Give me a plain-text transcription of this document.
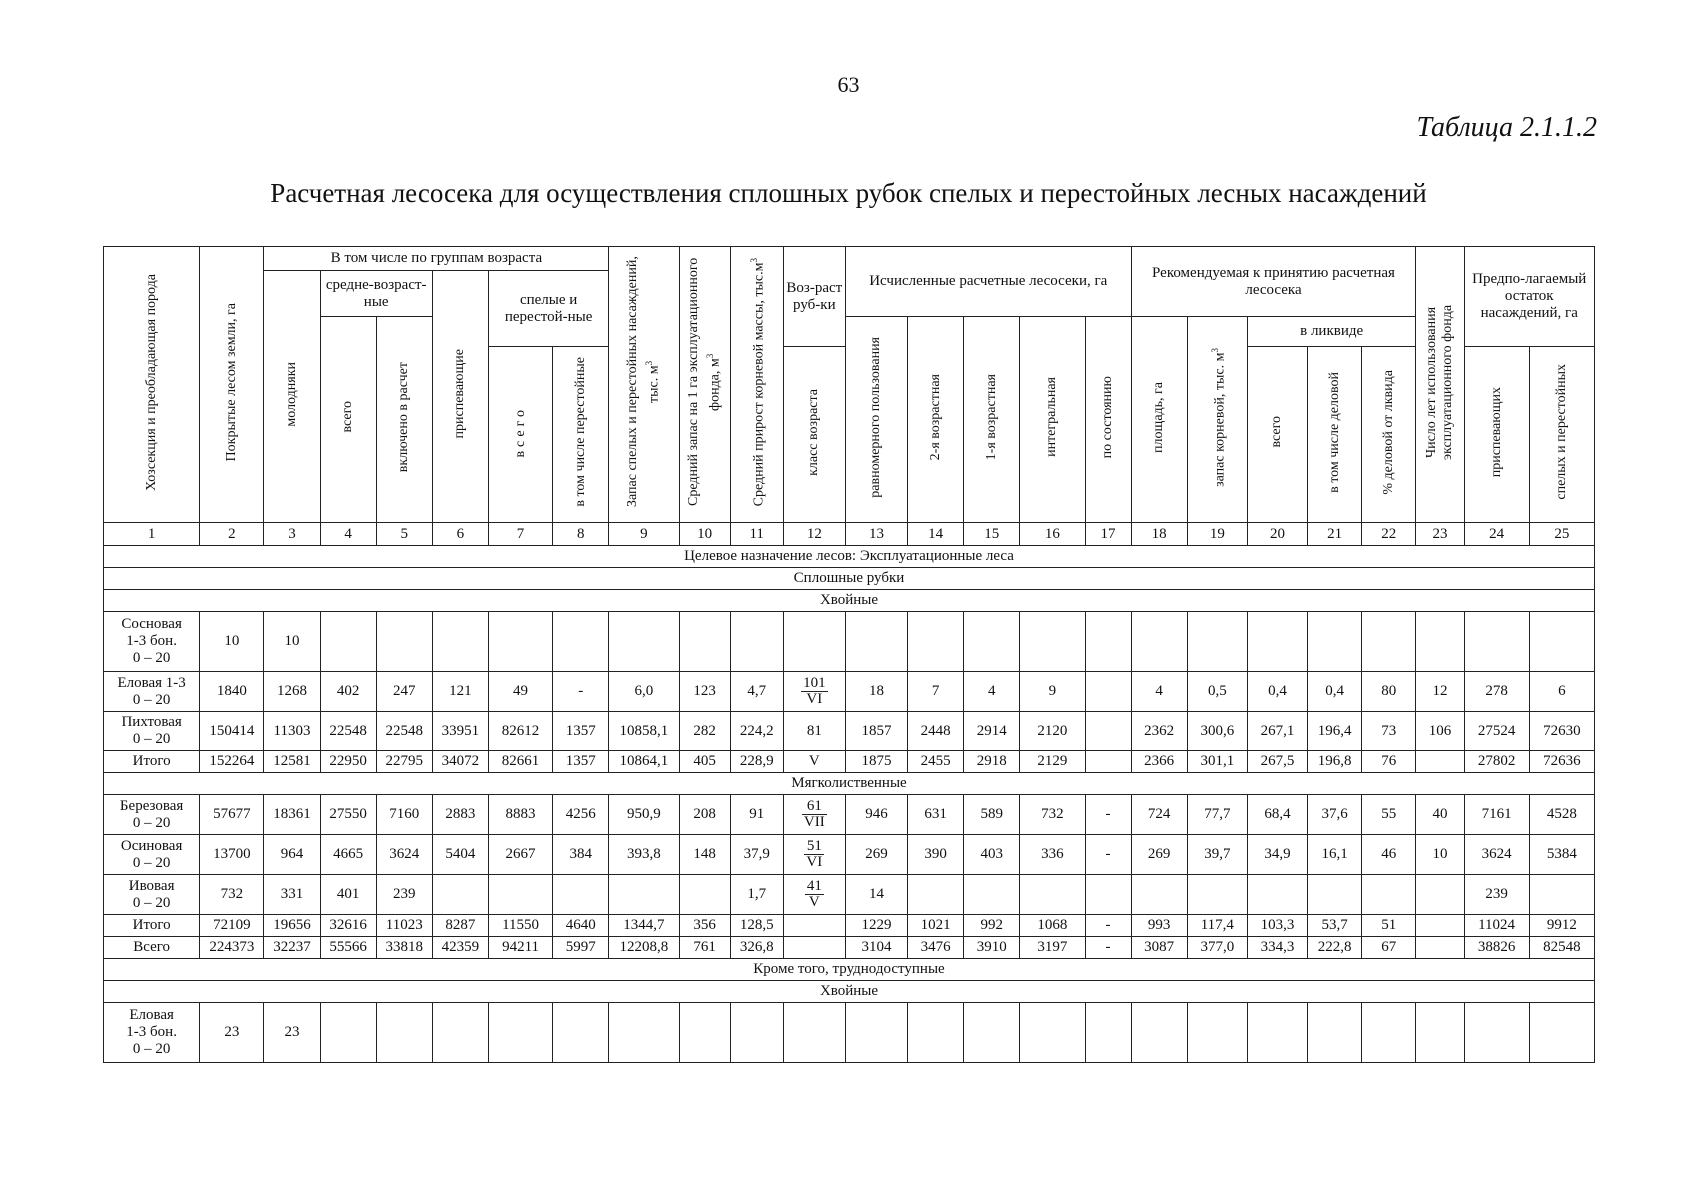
63
Таблица 2.1.1.2
Расчетная лесосека для осуществления сплошных рубок спелых и перестойных лесных насаждений
Хозсекция и преобладающая порода	Покрытые лесом земли, га	В том числе по группам возраста						Запас спелых и перестойных насаждений, тыс. $м^3$	Средний запас на 1 га эксплуатационного фонда, $м^3$	Средний прирост корневой массы, $тыс.м^3$	Воз-раст руб-ки	Исчисленные расчетные лесосеки, га					Рекомендуемая к принятию расчетная лесосека					Число лет использования эксплуатационного фонда	Предпо-лагаемый остаток насаждений, га	
		молодняки	средне-возраст-ные		приспевающие	спелые и перестой-ные																		
			всего	включено в расчет								равномерного пользования	2-я возрастная	1-я возрастная	интегральная	по состоянию	площадь, га	запас корневой, тыс. $м^3$	в ликвиде					
						всего	в том числе перестойные				класс возраста								всего	в том числе деловой	% деловой от лквида		приспевающих	спелых и перестойных
1	2	3	4	5	6	7	8	9	10	11	12	13	14	15	16	17	18	19	20	21	22	23	24	25
Целевое назначение лесов: Эксплуатационные леса																								
Сплошные рубки																								
Хвойные																								
Сосновая
1-3 бон.
0 – 20	10	10																						
Еловая 1-3
0 – 20	1840	1268	402	247	121	49	-	6,0	123	4,7	$\frac{101}{VI}$	18	7	4	9		4	0,5	0,4	0,4	80	12	278	6
Пихтовая
0 – 20	150414	11303	22548	22548	33951	82612	1357	10858,1	282	224,2	81	1857	2448	2914	2120		2362	300,6	267,1	196,4	73	106	27524	72630
Итого	152264	12581	22950	22795	34072	82661	1357	10864,1	405	228,9	V	1875	2455	2918	2129		2366	301,1	267,5	196,8	76		27802	72636
Мягколиственные																								
Березовая
0 – 20	57677	18361	27550	7160	2883	8883	4256	950,9	208	91	$\frac{61}{\text{VII}}$	946	631	589	732	-	724	77,7	68,4	37,6	55	40	7161	4528
Осиновая
0 – 20	13700	964	4665	3624	5404	2667	384	393,8	148	37,9	$\frac{51}{VI}$	269	390	403	336	-	269	39,7	34,9	16,1	46	10	3624	5384
Ивовая
0 – 20	732	331	401	239						1,7	$\frac{41}{V}$	14											239	
Итого	72109	19656	32616	11023	8287	11550	4640	1344,7	356	128,5		1229	1021	992	1068	-	993	117,4	103,3	53,7	51		11024	9912
Всего	224373	32237	55566	33818	42359	94211	5997	12208,8	761	326,8		3104	3476	3910	3197	-	3087	377,0	334,3	222,8	67		38826	82548
Кроме того, труднодоступные																								
Хвойные																								
Еловая
1-3 бон.
0 – 20	23	23																						
